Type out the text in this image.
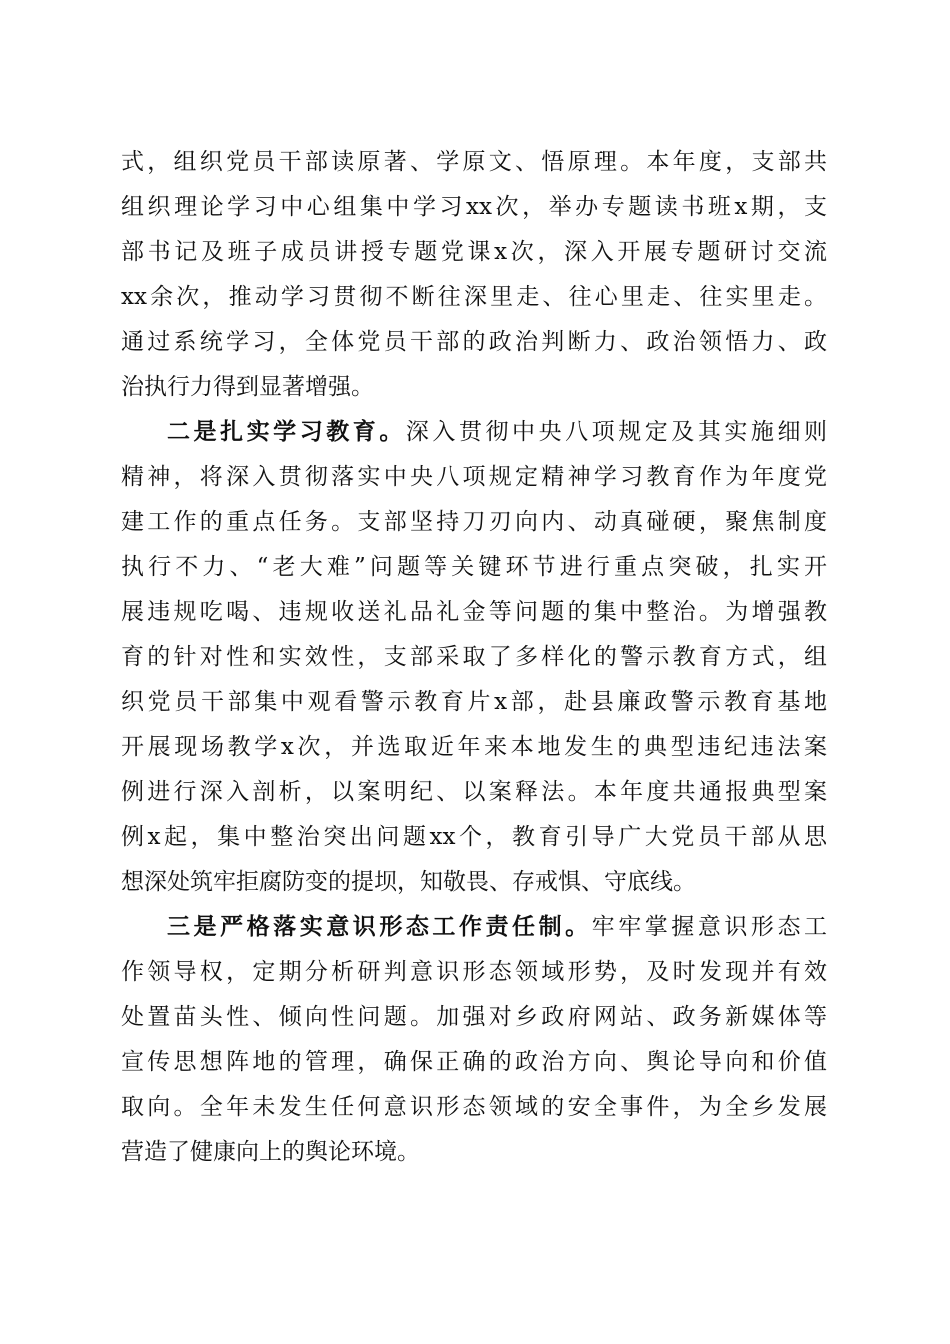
式，组织党员干部读原著、学原文、悟原理。本年度，支部共
组织理论学习中心组集中学习xx次，举办专题读书班x期，支
部书记及班子成员讲授专题党课x次，深入开展专题研讨交流
xx余次，推动学习贯彻不断往深里走、往心里走、往实里走。
通过系统学习，全体党员干部的政治判断力、政治领悟力、政
治执行力得到显著增强。
二是扎实学习教育。深入贯彻中央八项规定及其实施细则
精神，将深入贯彻落实中央八项规定精神学习教育作为年度党
建工作的重点任务。支部坚持刀刃向内、动真碰硬，聚焦制度
执行不力、“老大难”问题等关键环节进行重点突破，扎实开
展违规吃喝、违规收送礼品礼金等问题的集中整治。为增强教
育的针对性和实效性，支部采取了多样化的警示教育方式，组
织党员干部集中观看警示教育片x部，赴县廉政警示教育基地
开展现场教学x次，并选取近年来本地发生的典型违纪违法案
例进行深入剖析，以案明纪、以案释法。本年度共通报典型案
例x起，集中整治突出问题xx个，教育引导广大党员干部从思
想深处筑牢拒腐防变的提坝，知敬畏、存戒惧、守底线。
三是严格落实意识形态工作责任制。牢牢掌握意识形态工
作领导权，定期分析研判意识形态领域形势，及时发现并有效
处置苗头性、倾向性问题。加强对乡政府网站、政务新媒体等
宣传思想阵地的管理，确保正确的政治方向、舆论导向和价值
取向。全年未发生任何意识形态领域的安全事件，为全乡发展
营造了健康向上的舆论环境。
